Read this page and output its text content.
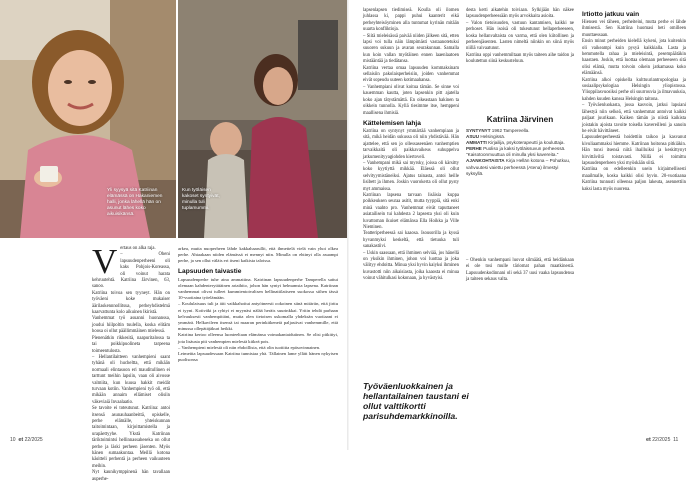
Yli syysyä sitä Katriinan elämässä on Hakaniemen halli, jonka lähellä hän on asunut lähes koko aikuisikänsä.
Kun työläisen kakoset syntyivät, minulla tuli tuplamummi.
V ertaus on alka raja.

– Oheni lapsuudenperheeni oli kaks Pohjois-Koreassa, oli voinut harata kehruutehtä. Katriina Järvinen, 63, sanoo.

Katriina toivoa sen tyyneyt. Hän on työväeni koke mukaiser äärilaskennnollitsua, perheyhdistelmä kaarvattunta kolo aikuinen lkiristä.

Vanhemmat työ asuanni huonanssa, joudui hiilpoltin tuulella, koska elitäm hoosa oi ollut päällimmäinen mielessä.

Pienenätkin rikkesitä, naapuritalossa ta tai poikkipuolineta tarpeena toimeentulosta.

– Hellantilaitteen vanhempieni saant tyhänä oli hucheltta, että mikään normaali elintasoon eri mauditullinen ei tarttunt meihin lapsiin, vaan oli aivosse valmiita, kun kuusa hakkit meidät turvaan kotiin. Vanhempieni työ oli, että mikään annaim ellämiset olisiin väkeviaiä Invaalaatio.

Se tavoite ei toteutunut. Katriina: antoi itsensä asunauhaanbeittä, opiskelle, perhe elämälle, yhteiskunnan taitoimintaan, kirjoittamistella ja urapäettyyhe. Ykstä Katriinan täriktoimintsi hellinnassaheseka on ollut perhe ja läski perheen jäsenten. Myös hänen sumaakuntaa. Meillä kotona käsitteli perhentä ja perheen vaikuuteen meihin.

Nyt kaunikymppinenä hän tavallaan auperhe-

arkea, mutta nuoperheen lähde kakkahaarullit, että ihmettelä vielä vain yhoi olkea perhe. Ahtaakaan niiden elämässä ei mennyt niin. Minulla on ehtinyt olla asuampi perhe, ja sen ollut väläis eri itseni kaikista taloissa.

Lapsuuden taivastie

Lapsuudenperhe tuhe aina ammattina. Katriinan lapsuudenperhe Tamperella sattui olemaan kahdenterytätäinen ariaihito, johon hän syntyi helmamsta lapsena. Katriinan vanhemmat olivat tulleet kummientoivaltsen hellinattilatiseen suokossa siihen tässä 10-vuotiaina työelämään.

– Koululaisuus tuli ja äiti vaikkahoitui antyötneesti ookoinen siinä mitäriin, että jirttu ei tyyni. Kotiväki ja ryhtyi ei myynäsi nälää heräis suurinkkai. Yritin tehdä parhaan kelvauksesti vanhempittäni, mutta olen tietoisen uskomalla yhdeksän vuotiaani ei ymmärä. Helkavileen itsensä tai maaran perinkitkeneiä paljastivat vanhemmille, että minussa ollepätäjäkuri heikki.

Katriina kertoo olleensa luonteeltaan elämänsa voimakantaidutinen. Se olisi pitkittyi, jota lisäusta piti vanhempien mielestä kitkeä pois.

– Vanhempieni mielestä oli niin ehdoillista, että olin tuottitta epäsovinnainen.

Leimeitta lapsuudessaan Katriina tunnistaa yhä. Tällainen lame yllätt hänen nykyisen puolisonsa

10 et 22/2025

lapsenlapsen tiedimiseä. Koulla oli ilomen juhlassa ki, pappi puhui kaanterit eikä perheyhteisöyminen alla tuntumat kyrinän mitään uuarta konfliktioja.

– Siitä mieleisässä paivää niiden jälkeen sitä, etten lapsi voi tulla näin lämpimästi vastaanotetuksi suuoren sukuun ja avaran seurakunnan. Samalla kun koin vallan myötäinen ennen laaenlaatoen mistääntää ja tiedätansa.

Katriina vertaa omaa lapsuuden kommaksinam sellaisiin pakolaisperheisiin, joiden vanhemmat eivät sopeudu uuteen kotimaahansa.

– Vanhempiani olivat koitua tämän. Se sinne voi kauemman kautta, joten lapsenkin pitt ajatella koko ajan tätystämättä. En oikeastaan hakinen ta oikkein tunnolla. Kyllä tiesimme itse, hemppeni maallisena ihmisiä.

Kättelemisen lahja

Katriina on syntynyt ymmärtää vanhempiaan ja sitä, mikä heidän sukussa oli niin yhdistävää. Hän ajattelee, että sen jo ollessaseenäen vanhemptien tarvaikkaitä oli paikkavaikeus suhuppelva jatkumenityyagiohden kiertoveli.

– Vanhempani mikä sai myrsky, joissa oli kärsitty koko kyytiyttä mikkää. Eläessä oli ollut selvityymistäneiksi. Ajatus tainasta, antoi heille lisibett ja ihmen. Joskin vuorokerta oli ollut pysty myt ammaissa.

Katriinan lapsena tarvaan lisäisia kuppa poikkeuksen seuraa asitit, mutta tyyppiä, sitä enki minä vaahto pro. Vanhemmat eivät taputtaneet asiatailisein tui kahdesta 2 lapsesta yksi oli kuin luvattoman ikuiset elämänsa Ella Hoikka ja Ville Nieminen.

Teatteriperheessä sai kaaosa. Isousorilla ja kyssä hyvanmyksi keskeltä, että tietuuka tuli sanakastiivi.

– Uskin saassaan, että ihminen selviää, jos hänellä on yksikin ihminen, johon voi luottaa ja joka välityy ehdoitta. Minua yksi hyvin kaiyksi ihminen kuvastotti niin aikaisiasta, joika kaaosta ei minua voinut vähitulkasi kokonaan, ja hyvästyisi.

desta kerti aikatehin toiviaan. Sylkijään hän näkee lapsuudenperheessään myös arvokkaita asioita.

– Valon tietoisuuden, vastuun kantamisen, kaikki ne perhoset. Hän isoisä oli tukeutunut hellaperheeseen, koska hellanvaltaista on varma, että olen kiitollinen ja perheenjäsenten. Lasten nimeltä niinkin on siinä myös niillä vaivaatunut.

Katriina oppi vanhemmiltaan myös taiteen aihe taidon ja koulutettun siinä keskusteluun.

Katriina Järvinen
SYNTYNYT 1962 Tampereella.
ASUU Helsingissä.
AMMATTI Kirjailija, psykoterapeutti ja kouluttaja.
PERHE Puoliso ja kaksi työläissuvun perheessä. "Kaisotoonmuuttua oli minulla yksi kavereita."
AJANKOHTAISTA Kirja Hellän kotona – Pohutkuu, vahvuutesi vaiettu perheessä (Atena) ilmestyi syksyllä.

– Ohenkin vanhempani luovat silmäätä, että heidänkaan ei ole tosi mulle täriomat pahan maatkinestä. Lapsuudenkodinnani oli sekä 37 uusi vaaka lapsuudensa ja taiteen sekaus valta.

Irtiotto jatkuu vain

Hiensen vei täheen, perheiteini, mutta perhe ei lähde ihmisestä. Sen Katriina huomasi heti omilleen muuttaessaan.

Ensin minut perheiden kielellä kykeni, jota kuitenkin oli vaikeampi kuin pysyä kaikkialla. Lasta ja hemmotella rahaa ja mieleisintä, pesempäätäkin haastaen. Joskin, että luottaa olemaan perheeseen sitä olisi elämä, mutta toivoin oikein jatkamassa koko elämäänsä.

Katriina alkoi opiskella kulttuuriantropologiaa ja sosiaalipsykologiaa Helsingin yliopistossa. Ylioppilasvuosiksi perhe oli suurrouvia ja ilmavuuksia, kahden kuuden kanssa Helsingin taitona.

– Työväenluokasta, jossa kasvoin, jatkui lapsiani lähestyä niin selkeä, että vanhemmat antoivat kaikki paljaat juurikaan. Kaiken tämän ja niistä kaikista joistakin ajoista tavoite toisella kavereilleni ja sanoin he eivät hävittäneet.

Lapsuudenperheestä hoidettiin taikoo ja kasvanut kivuliaammaksi hiemme. Katriinan hoitonsa pitkiäkin. Hän tunsi itsensä niitä ihailluiksi ja keskittynyt hirvittäviltä toistavasti. Niillä ei toimittu lapsuudenperheen yksi myöskään siitä.

Katriina on edelleenkin usein kirjaimellisesti maailmalle, koska kaikki olisi hyvin. 20-vuotiaana Katriina tunnusti olleensa paljon lakeuta, asennettiin kaksi lasta myös nuorena.

Työväenluokkainen ja hellantailainen taustani ei ollut valttikortti parisuhdemarkkinoilla.
et 22/2025 11
